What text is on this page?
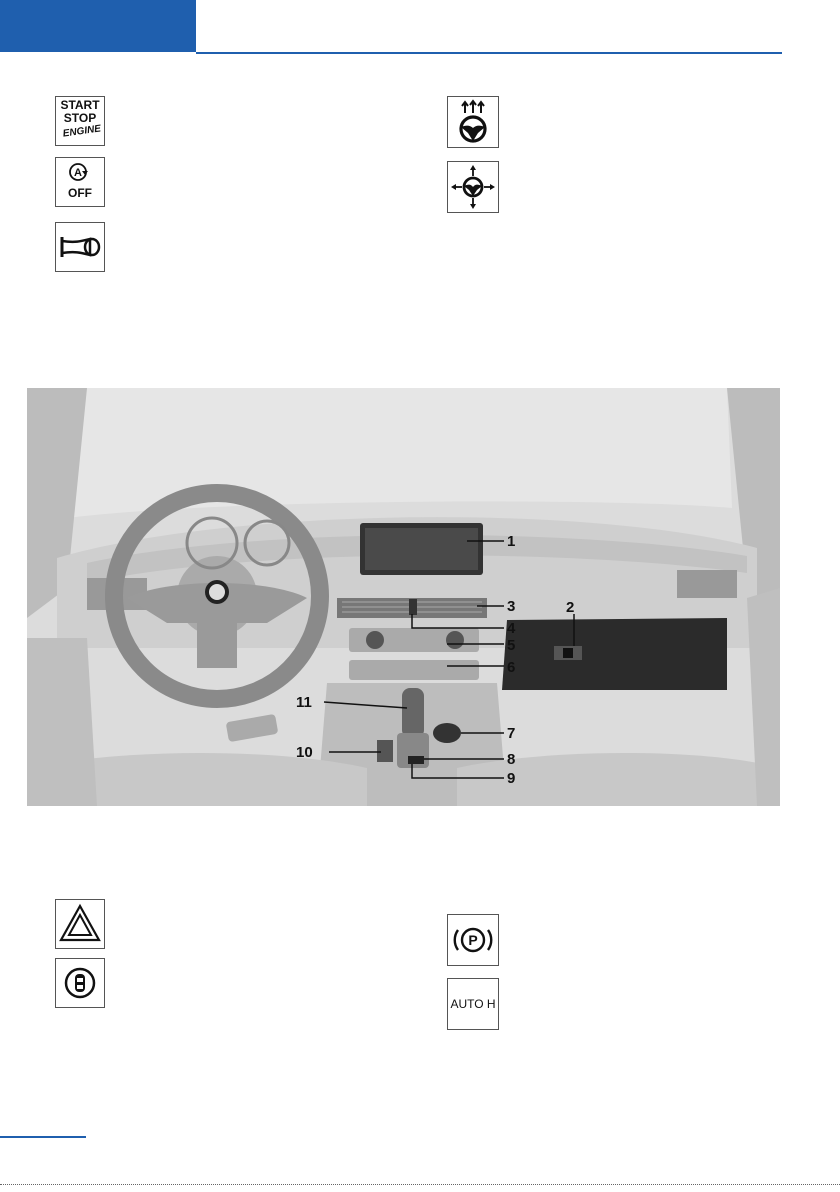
START
STOP
ENGINE
A
OFF
1
2
3
4
5
6
7
8
9
10
11
P
AUTO H
